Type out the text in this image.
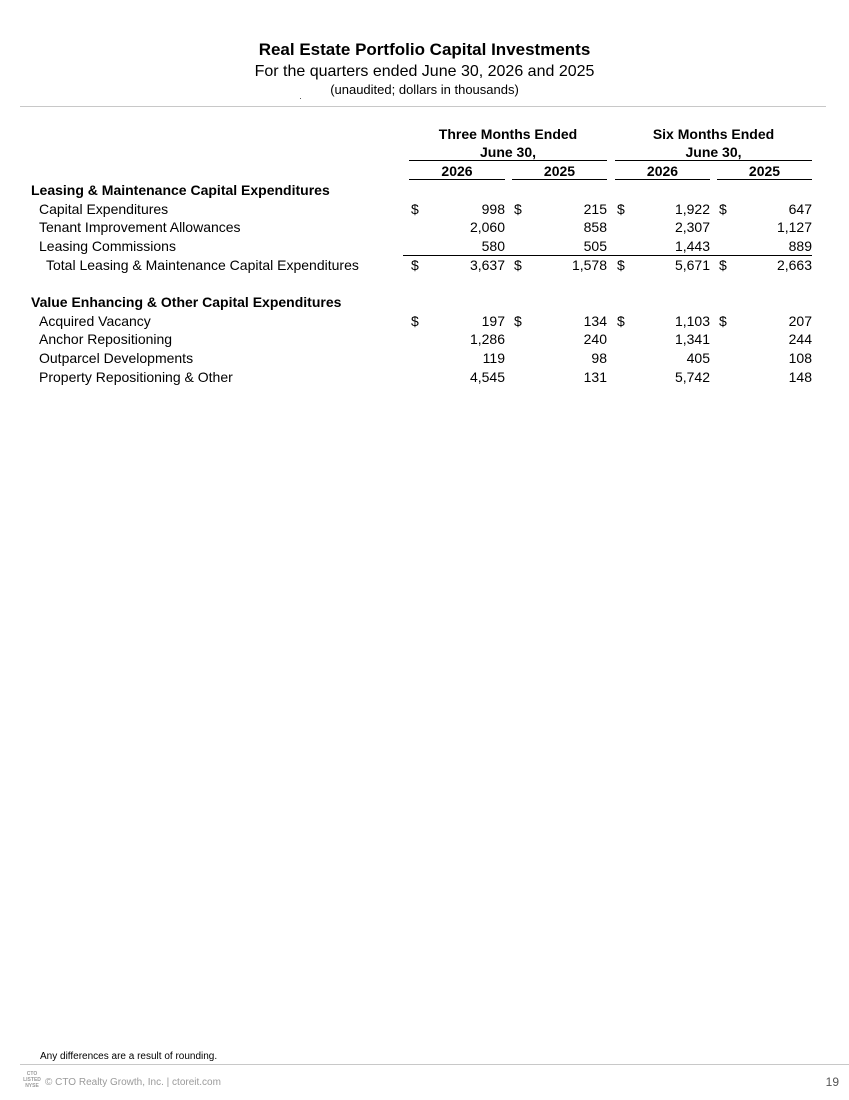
Real Estate Portfolio Capital Investments
For the quarters ended June 30, 2026 and 2025
(unaudited; dollars in thousands)
Three Months Ended
June 30,
Six Months Ended
June 30,
2026	2025	2026	2025
Leasing & Maintenance Capital Expenditures
Capital Expenditures	$	998 $	215 $	1,922 $	647
Tenant Improvement Allowances	2,060	858	2,307	1,127
Leasing Commissions	580	505	1,443	889
Total Leasing & Maintenance Capital Expenditures	$	3,637 $	1,578 $	5,671 $	2,663
Value Enhancing & Other Capital Expenditures
Acquired Vacancy	$	197 $	134 $	1,103 $	207
Anchor Repositioning	1,286	240	1,341	244
Outparcel Developments	119	98	405	108
Property Repositioning & Other	4,545	131	5,742	148
Any differences are a result of rounding.
CTO
LISTED
NYSE © CTO Realty Growth, Inc. | ctoreit.com	19
